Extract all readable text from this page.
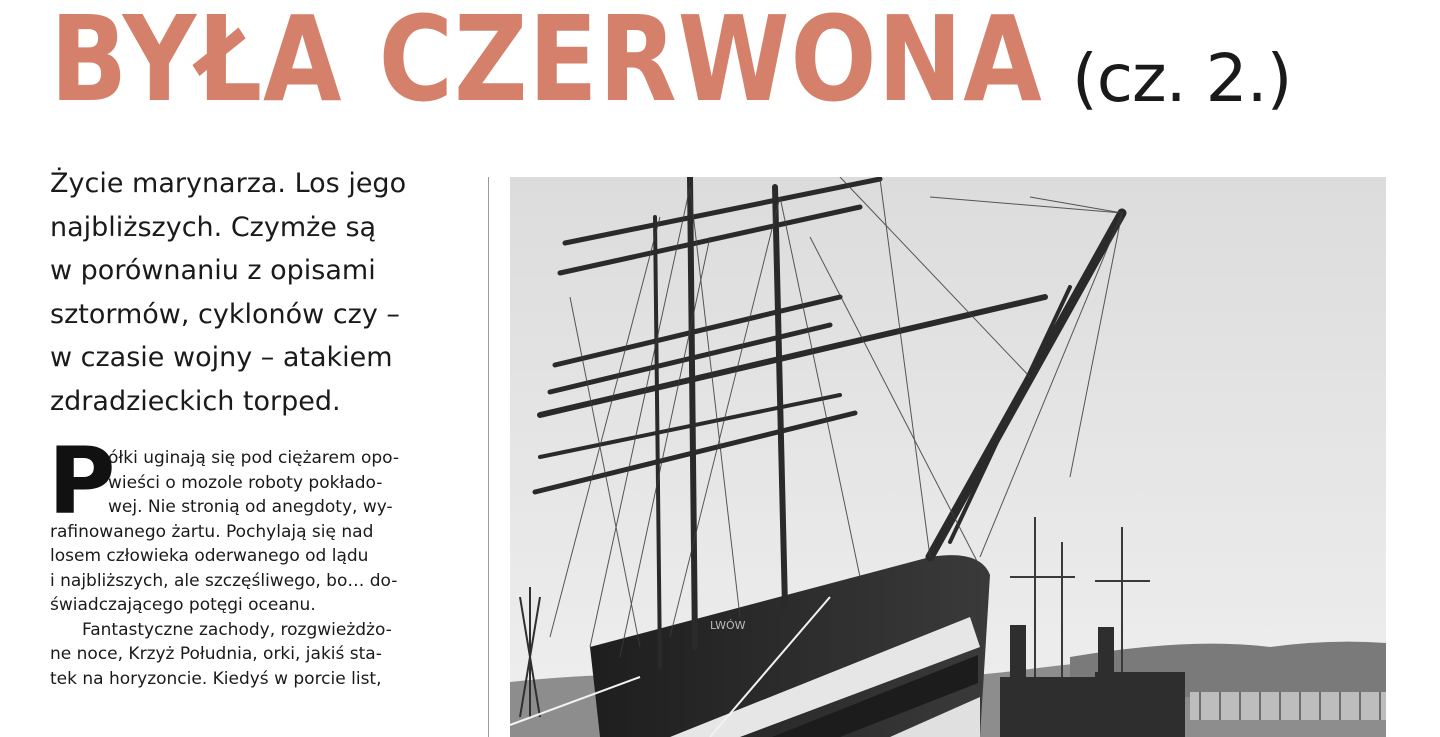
BYŁA CZERWONA (cz. 2.)
Życie marynarza. Los jego
najbliższych. Czymże są
w porównaniu z opisami
sztormów, cyklonów czy –
w czasie wojny – atakiem
zdradzieckich torped.
P
ółki uginają się pod ciężarem opo-
wieści o mozole roboty pokłado-
wej. Nie stronią od anegdoty, wy-
rafinowanego żartu. Pochylają się nad
losem człowieka oderwanego od lądu
i najbliższych, ale szczęśliwego, bo… do-
świadczającego potęgi oceanu.
Fantastyczne zachody, rozgwieżdżo-
ne noce, Krzyż Południa, orki, jakiś sta-
tek na horyzoncie. Kiedyś w porcie list,
LWÓW
